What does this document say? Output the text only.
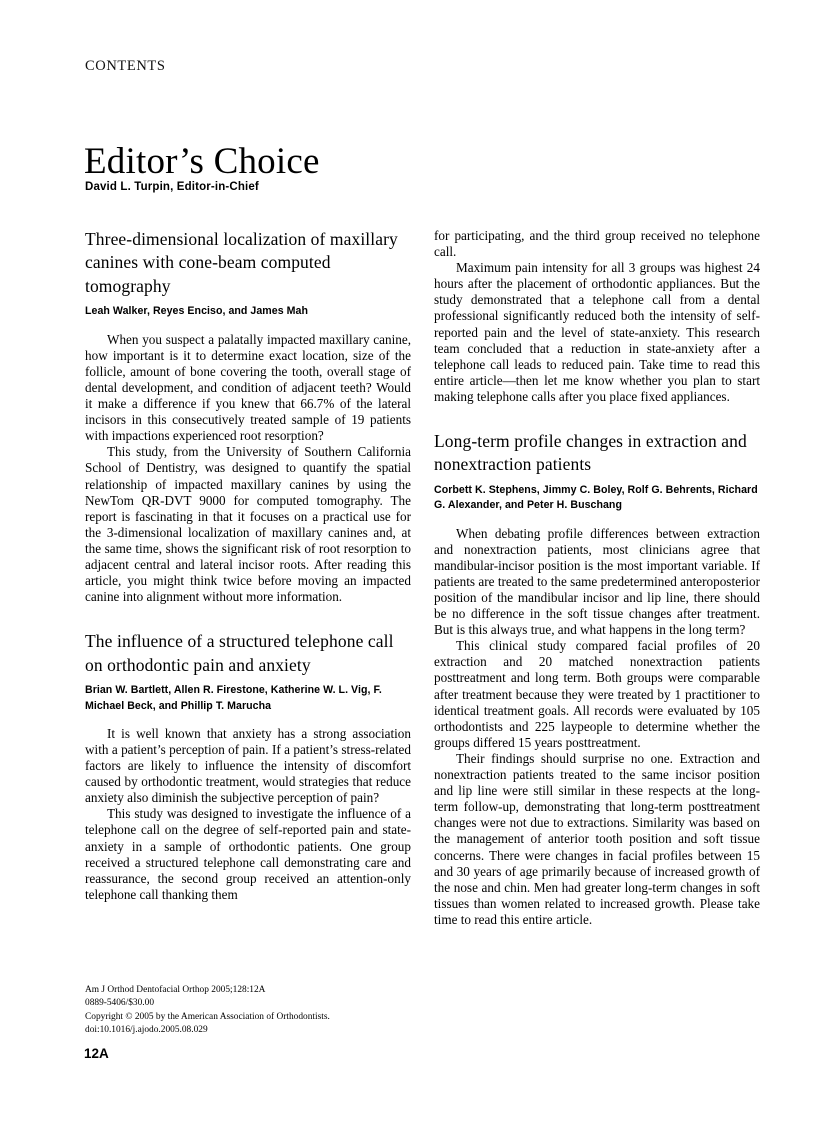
CONTENTS
Editor’s Choice
David L. Turpin, Editor-in-Chief
Three-dimensional localization of maxillary canines with cone-beam computed tomography

Leah Walker, Reyes Enciso, and James Mah

When you suspect a palatally impacted maxillary canine, how important is it to determine exact location, size of the follicle, amount of bone covering the tooth, overall stage of dental development, and condition of adjacent teeth? Would it make a difference if you knew that 66.7% of the lateral incisors in this consecutively treated sample of 19 patients with impactions experienced root resorption?

This study, from the University of Southern California School of Dentistry, was designed to quantify the spatial relationship of impacted maxillary canines by using the NewTom QR-DVT 9000 for computed tomography. The report is fascinating in that it focuses on a practical use for the 3-dimensional localization of maxillary canines and, at the same time, shows the significant risk of root resorption to adjacent central and lateral incisor roots. After reading this article, you might think twice before moving an impacted canine into alignment without more information.

The influence of a structured telephone call on orthodontic pain and anxiety

Brian W. Bartlett, Allen R. Firestone, Katherine W. L. Vig, F. Michael Beck, and Phillip T. Marucha

It is well known that anxiety has a strong association with a patient’s perception of pain. If a patient’s stress-related factors are likely to influence the intensity of discomfort caused by orthodontic treatment, would strategies that reduce anxiety also diminish the subjective perception of pain?

This study was designed to investigate the influence of a telephone call on the degree of self-reported pain and state-anxiety in a sample of orthodontic patients. One group received a structured telephone call demonstrating care and reassurance, the second group received an attention-only telephone call thanking them

for participating, and the third group received no telephone call.

Maximum pain intensity for all 3 groups was highest 24 hours after the placement of orthodontic appliances. But the study demonstrated that a telephone call from a dental professional significantly reduced both the intensity of self-reported pain and the level of state-anxiety. This research team concluded that a reduction in state-anxiety after a telephone call leads to reduced pain. Take time to read this entire article—then let me know whether you plan to start making telephone calls after you place fixed appliances.

Long-term profile changes in extraction and nonextraction patients

Corbett K. Stephens, Jimmy C. Boley, Rolf G. Behrents, Richard G. Alexander, and Peter H. Buschang

When debating profile differences between extraction and nonextraction patients, most clinicians agree that mandibular-incisor position is the most important variable. If patients are treated to the same predetermined anteroposterior position of the mandibular incisor and lip line, there should be no difference in the soft tissue changes after treatment. But is this always true, and what happens in the long term?

This clinical study compared facial profiles of 20 extraction and 20 matched nonextraction patients posttreatment and long term. Both groups were comparable after treatment because they were treated by 1 practitioner to identical treatment goals. All records were evaluated by 105 orthodontists and 225 laypeople to determine whether the groups differed 15 years posttreatment.

Their findings should surprise no one. Extraction and nonextraction patients treated to the same incisor position and lip line were still similar in these respects at the long-term follow-up, demonstrating that long-term posttreatment changes were not due to extractions. Similarity was based on the management of anterior tooth position and soft tissue concerns. There were changes in facial profiles between 15 and 30 years of age primarily because of increased growth of the nose and chin. Men had greater long-term changes in soft tissues than women related to increased growth. Please take time to read this entire article.

Am J Orthod Dentofacial Orthop 2005;128:12A
0889-5406/$30.00
Copyright © 2005 by the American Association of Orthodontists.
doi:10.1016/j.ajodo.2005.08.029
12A
